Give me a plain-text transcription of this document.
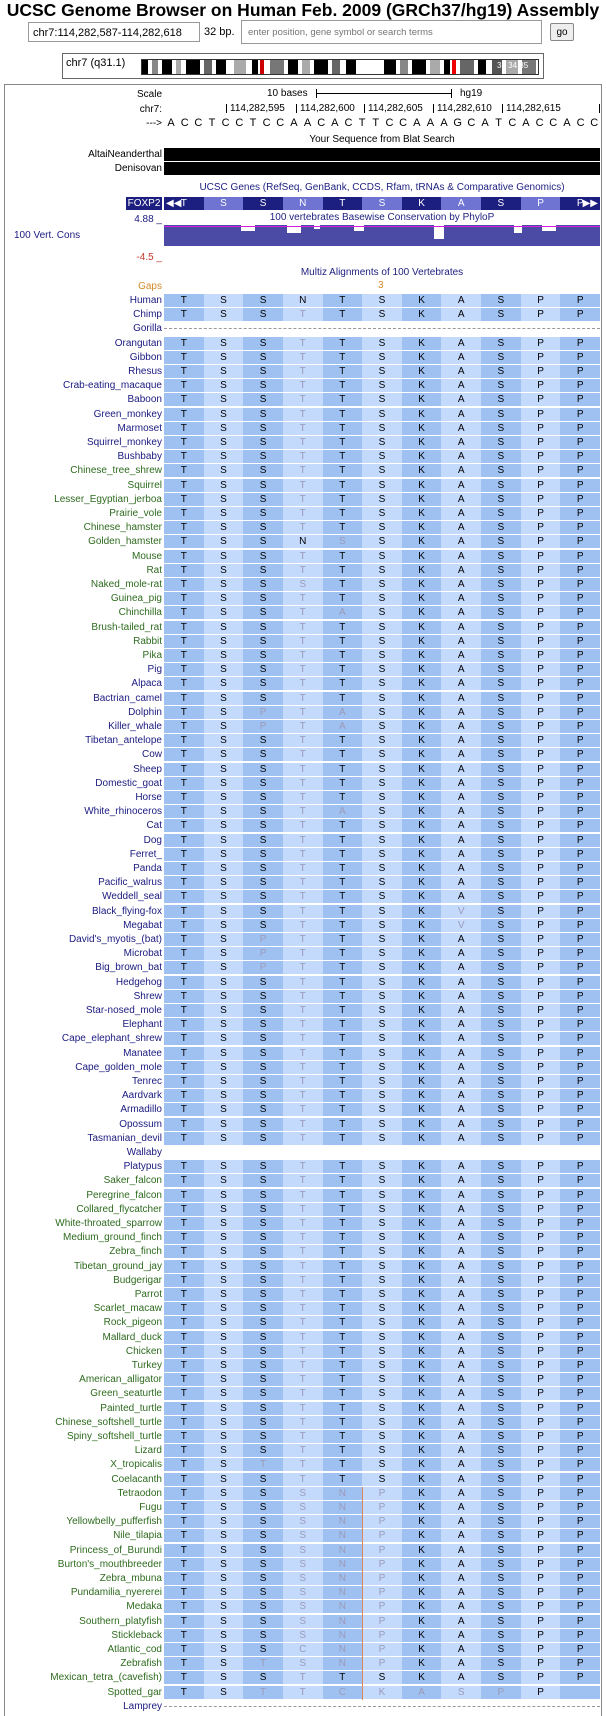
UCSC Genome Browser on Human Feb. 2009 (GRCh37/hg19) Assembly
chr7:114,282,587-114,282,618	32 bp.
enter position, gene symbol or search terms	go
chr7 (q31.1)	33 34 35
Scale
chr7:
--->
10 bases	hg19
114,282,595 114,282,600 114,282,605 114,282,610 114,282,615
A C C T C C T C C A A C A C T T C C A A A G C A T C A C C A C C
Your Sequence from Blat Search
AltaiNeanderthal
Denisovan
UCSC Genes (RefSeq, GenBank, CCDS, Rfam, tRNAs & Comparative Genomics)
FOXP2 ◀◀ T	S	S	N	T	S	K	A	S	P	P ▶▶
100 vertebrates Basewise Conservation by PhyloP
4.88 _
100 Vert. Cons
-4.5 _
Multiz Alignments of 100 Vertebrates
Gaps	3
Human	T	S	S	N	T	S	K	A	S	P	P
Chimp	T	S	S	T	T	S	K	A	S	P	P
Gorilla
Orangutan	T	S	S	T	T	S	K	A	S	P	P
Gibbon	T	S	S	T	T	S	K	A	S	P	P
Rhesus	T	S	S	T	T	S	K	A	S	P	P
Crab-eating_macaque	T	S	S	T	T	S	K	A	S	P	P
Baboon	T	S	S	T	T	S	K	A	S	P	P
Green_monkey	T	S	S	T	T	S	K	A	S	P	P
Marmoset	T	S	S	T	T	S	K	A	S	P	P
Squirrel_monkey	T	S	S	T	T	S	K	A	S	P	P
Bushbaby	T	S	S	T	T	S	K	A	S	P	P
Chinese_tree_shrew	T	S	S	T	T	S	K	A	S	P	P
Squirrel	T	S	S	T	T	S	K	A	S	P	P
Lesser_Egyptian_jerboa	T	S	S	T	T	S	K	A	S	P	P
Prairie_vole	T	S	S	T	T	S	K	A	S	P	P
Chinese_hamster	T	S	S	T	T	S	K	A	S	P	P
Golden_hamster	T	S	S	N	S	S	K	A	S	P	P
Mouse	T	S	S	T	T	S	K	A	S	P	P
Rat	T	S	S	T	T	S	K	A	S	P	P
Naked_mole-rat	T	S	S	S	T	S	K	A	S	P	P
Guinea_pig	T	S	S	T	T	S	K	A	S	P	P
Chinchilla	T	S	S	T	A	S	K	A	S	P	P
Brush-tailed_rat	T	S	S	T	T	S	K	A	S	P	P
Rabbit	T	S	S	T	T	S	K	A	S	P	P
Pika	T	S	S	T	T	S	K	A	S	P	P
Pig	T	S	S	T	T	S	K	A	S	P	P
Alpaca	T	S	S	T	T	S	K	A	S	P	P
Bactrian_camel	T	S	S	T	T	S	K	A	S	P	P
Dolphin	T	S	P	T	A	S	K	A	S	P	P
Killer_whale	T	S	P	T	A	S	K	A	S	P	P
Tibetan_antelope	T	S	S	T	T	S	K	A	S	P	P
Cow	T	S	S	T	T	S	K	A	S	P	P
Sheep	T	S	S	T	T	S	K	A	S	P	P
Domestic_goat	T	S	S	T	T	S	K	A	S	P	P
Horse	T	S	S	T	T	S	K	A	S	P	P
White_rhinoceros	T	S	S	T	A	S	K	A	S	P	P
Cat	T	S	S	T	T	S	K	A	S	P	P
Dog	T	S	S	T	T	S	K	A	S	P	P
Ferret_	T	S	S	T	T	S	K	A	S	P	P
Panda	T	S	S	T	T	S	K	A	S	P	P
Pacific_walrus	T	S	S	T	T	S	K	A	S	P	P
Weddell_seal	T	S	S	T	T	S	K	A	S	P	P
Black_flying-fox	T	S	S	T	T	S	K	V	S	P	P
Megabat	T	S	S	T	T	S	K	V	S	P	P
David's_myotis_(bat)	T	S	P	T	T	S	K	A	S	P	P
Microbat	T	S	P	T	T	S	K	A	S	P	P
Big_brown_bat	T	S	P	T	T	S	K	A	S	P	P
Hedgehog	T	S	S	T	T	S	K	A	S	P	P
Shrew	T	S	S	T	T	S	K	A	S	P	P
Star-nosed_mole	T	S	S	T	T	S	K	A	S	P	P
Elephant	T	S	S	T	T	S	K	A	S	P	P
Cape_elephant_shrew	T	S	S	T	T	S	K	A	S	P	P
Manatee	T	S	S	T	T	S	K	A	S	P	P
Cape_golden_mole	T	S	S	T	T	S	K	A	S	P	P
Tenrec	T	S	S	T	T	S	K	A	S	P	P
Aardvark	T	S	S	T	T	S	K	A	S	P	P
Armadillo	T	S	S	T	T	S	K	A	S	P	P
Opossum	T	S	S	T	T	S	K	A	S	P	P
Tasmanian_devil	T	S	S	T	T	S	K	A	S	P	P
Wallaby
Platypus	T	S	S	T	T	S	K	A	S	P	P
Saker_falcon	T	S	S	T	T	S	K	A	S	P	P
Peregrine_falcon	T	S	S	T	T	S	K	A	S	P	P
Collared_flycatcher	T	S	S	T	T	S	K	A	S	P	P
White-throated_sparrow	T	S	S	T	T	S	K	A	S	P	P
Medium_ground_finch	T	S	S	T	T	S	K	A	S	P	P
Zebra_finch	T	S	S	T	T	S	K	A	S	P	P
Tibetan_ground_jay	T	S	S	T	T	S	K	A	S	P	P
Budgerigar	T	S	S	T	T	S	K	A	S	P	P
Parrot	T	S	S	T	T	S	K	A	S	P	P
Scarlet_macaw	T	S	S	T	T	S	K	A	S	P	P
Rock_pigeon	T	S	S	T	T	S	K	A	S	P	P
Mallard_duck	T	S	S	T	T	S	K	A	S	P	P
Chicken	T	S	S	T	T	S	K	A	S	P	P
Turkey	T	S	S	T	T	S	K	A	S	P	P
American_alligator	T	S	S	T	T	S	K	A	S	P	P
Green_seaturtle	T	S	S	T	T	S	K	A	S	P	P
Painted_turtle	T	S	S	T	T	S	K	A	S	P	P
Chinese_softshell_turtle	T	S	S	T	T	S	K	A	S	P	P
Spiny_softshell_turtle	T	S	S	T	T	S	K	A	S	P	P
Lizard	T	S	S	T	T	S	K	A	S	P	P
X_tropicalis	T	S	T	T	T	S	K	A	S	P	P
Coelacanth	T	S	S	T	T	S	K	A	S	P	P
Tetraodon	T	S	S	S	N	P	K	A	S	P	P
Fugu	T	S	S	S	N	P	K	A	S	P	P
Yellowbelly_pufferfish	T	S	S	S	N	P	K	A	S	P	P
Nile_tilapia	T	S	S	S	N	P	K	A	S	P	P
Princess_of_Burundi	T	S	S	S	N	P	K	A	S	P	P
Burton's_mouthbreeder	T	S	S	S	N	P	K	A	S	P	P
Zebra_mbuna	T	S	S	S	N	P	K	A	S	P	P
Pundamilia_nyererei	T	S	S	S	N	P	K	A	S	P	P
Medaka	T	S	S	S	N	P	K	A	S	P	P
Southern_platyfish	T	S	S	S	N	P	K	A	S	P	P
Stickleback	T	S	S	S	N	P	K	A	S	P	P
Atlantic_cod	T	S	S	C	N	P	K	A	S	P	P
Zebrafish	T	S	T	S	N	P	K	A	S	P	P
Mexican_tetra_(cavefish)	T	S	S	T	T	S	K	A	S	P	P
Spotted_gar	T	S	T	T	C	K	A	S	P	P
Lamprey
